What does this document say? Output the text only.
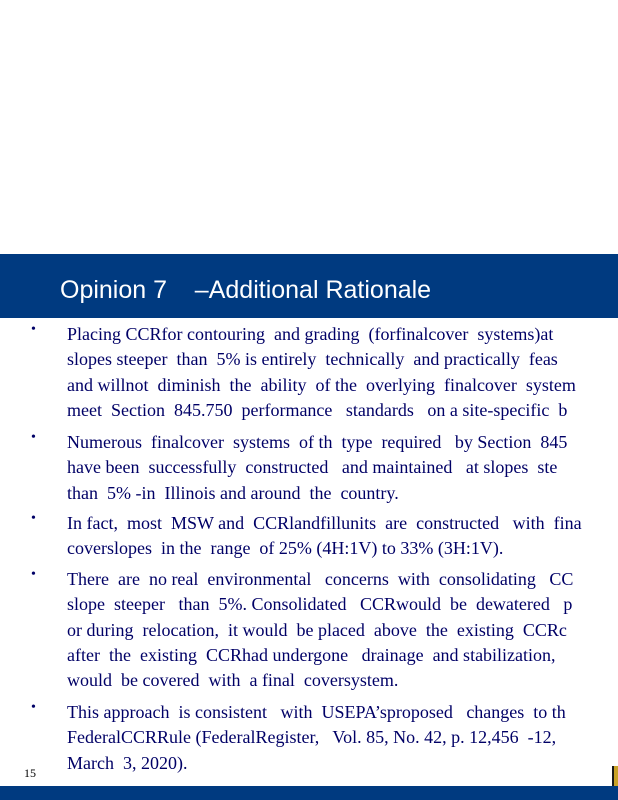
Opinion 7    –Additional Rationale
• Placing CCRfor contouring  and grading  (forfinalcover  systems)at
slopes steeper  than  5% is entirely  technically  and practically  feas
and willnot  diminish  the  ability  of the  overlying  finalcover  system
meet  Section  845.750  performance   standards   on a site-specific  b
• Numerous  finalcover  systems  of th  type  required   by Section  845
have been  successfully  constructed   and maintained   at slopes  ste
than  5% -in  Illinois and around  the  country.
• In fact,  most  MSW and  CCRlandfillunits  are  constructed   with  fina
coverslopes  in the  range  of 25% (4H:1V) to 33% (3H:1V).
• There  are  no real  environmental   concerns  with  consolidating   CC
slope  steeper   than  5%. Consolidated   CCRwould  be  dewatered   p
or during  relocation,  it would  be placed  above  the  existing  CCRc
after  the  existing  CCRhad undergone   drainage  and stabilization,
would  be covered  with  a final  coversystem.
• This approach  is consistent   with  USEPA’sproposed   changes  to th
FederalCCRRule (FederalRegister,   Vol. 85, No. 42, p. 12,456  -12,
March  3, 2020).
15
